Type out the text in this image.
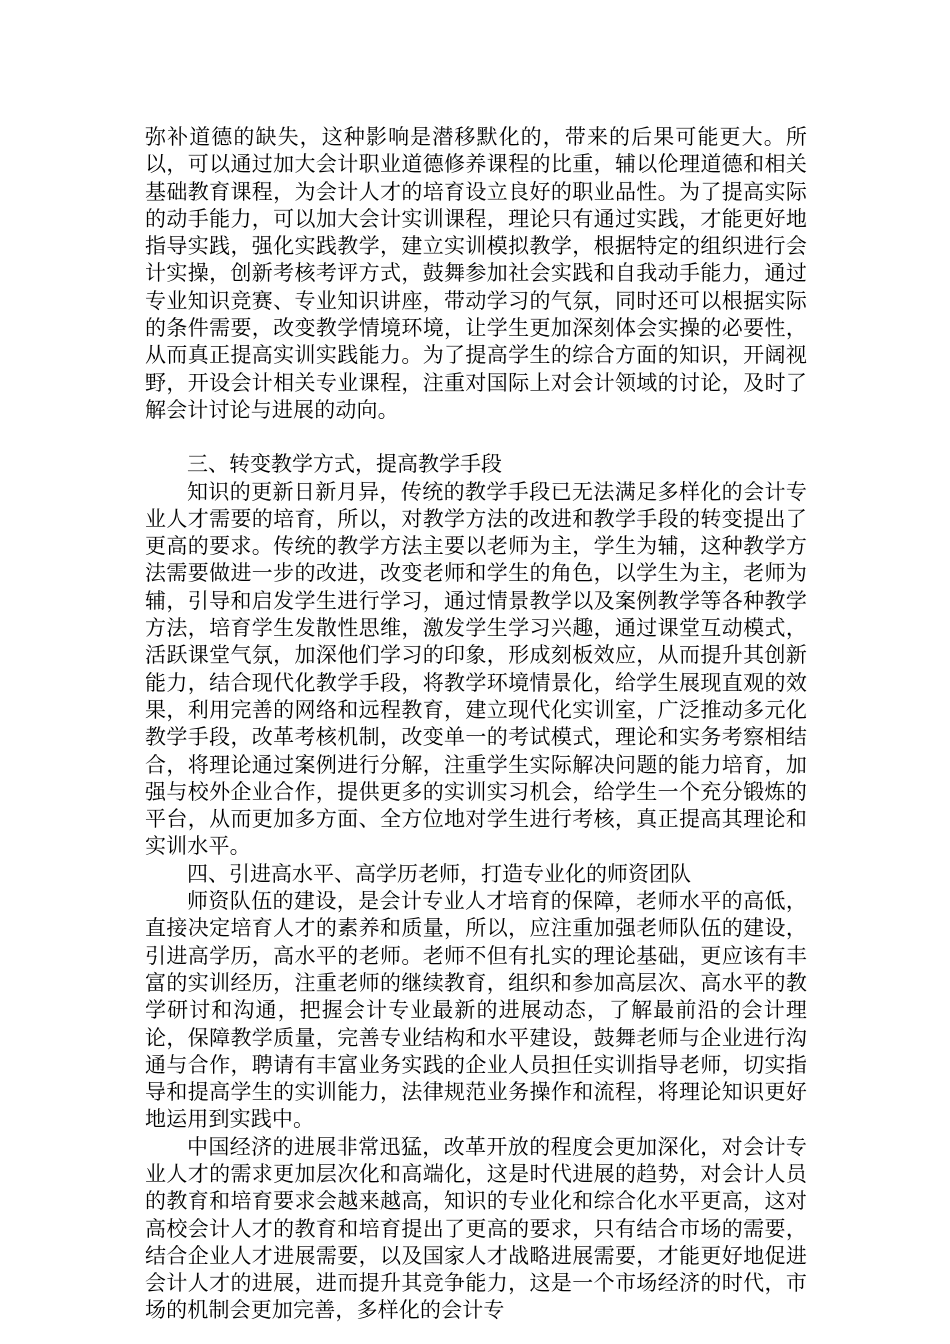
弥补道德的缺失，这种影响是潜移默化的，带来的后果可能更大。所以，可以通过加大会计职业道德修养课程的比重，辅以伦理道德和相关基础教育课程，为会计人才的培育设立良好的职业品性。为了提高实际的动手能力，可以加大会计实训课程，理论只有通过实践，才能更好地指导实践，强化实践教学，建立实训模拟教学，根据特定的组织进行会计实操，创新考核考评方式，鼓舞参加社会实践和自我动手能力，通过专业知识竞赛、专业知识讲座，带动学习的气氛，同时还可以根据实际的条件需要，改变教学情境环境，让学生更加深刻体会实操的必要性，从而真正提高实训实践能力。为了提高学生的综合方面的知识，开阔视野，开设会计相关专业课程，注重对国际上对会计领域的讨论，及时了解会计讨论与进展的动向。

三、转变教学方式，提高教学手段

知识的更新日新月异，传统的教学手段已无法满足多样化的会计专业人才需要的培育，所以，对教学方法的改进和教学手段的转变提出了更高的要求。传统的教学方法主要以老师为主，学生为辅，这种教学方法需要做进一步的改进，改变老师和学生的角色，以学生为主，老师为辅，引导和启发学生进行学习，通过情景教学以及案例教学等各种教学方法，培育学生发散性思维，激发学生学习兴趣，通过课堂互动模式，活跃课堂气氛，加深他们学习的印象，形成刻板效应，从而提升其创新能力，结合现代化教学手段，将教学环境情景化，给学生展现直观的效果，利用完善的网络和远程教育，建立现代化实训室，广泛推动多元化教学手段，改革考核机制，改变单一的考试模式，理论和实务考察相结合，将理论通过案例进行分解，注重学生实际解决问题的能力培育，加强与校外企业合作，提供更多的实训实习机会，给学生一个充分锻炼的平台，从而更加多方面、全方位地对学生进行考核，真正提高其理论和实训水平。

四、引进高水平、高学历老师，打造专业化的师资团队

师资队伍的建设，是会计专业人才培育的保障，老师水平的高低，直接决定培育人才的素养和质量，所以，应注重加强老师队伍的建设，引进高学历，高水平的老师。老师不但有扎实的理论基础，更应该有丰富的实训经历，注重老师的继续教育，组织和参加高层次、高水平的教学研讨和沟通，把握会计专业最新的进展动态，了解最前沿的会计理论，保障教学质量，完善专业结构和水平建设，鼓舞老师与企业进行沟通与合作，聘请有丰富业务实践的企业人员担任实训指导老师，切实指导和提高学生的实训能力，法律规范业务操作和流程，将理论知识更好地运用到实践中。

中国经济的进展非常迅猛，改革开放的程度会更加深化，对会计专业人才的需求更加层次化和高端化，这是时代进展的趋势，对会计人员的教育和培育要求会越来越高，知识的专业化和综合化水平更高，这对高校会计人才的教育和培育提出了更高的要求，只有结合市场的需要，结合企业人才进展需要，以及国家人才战略进展需要，才能更好地促进会计人才的进展，进而提升其竞争能力，这是一个市场经济的时代，市场的机制会更加完善，多样化的会计专
